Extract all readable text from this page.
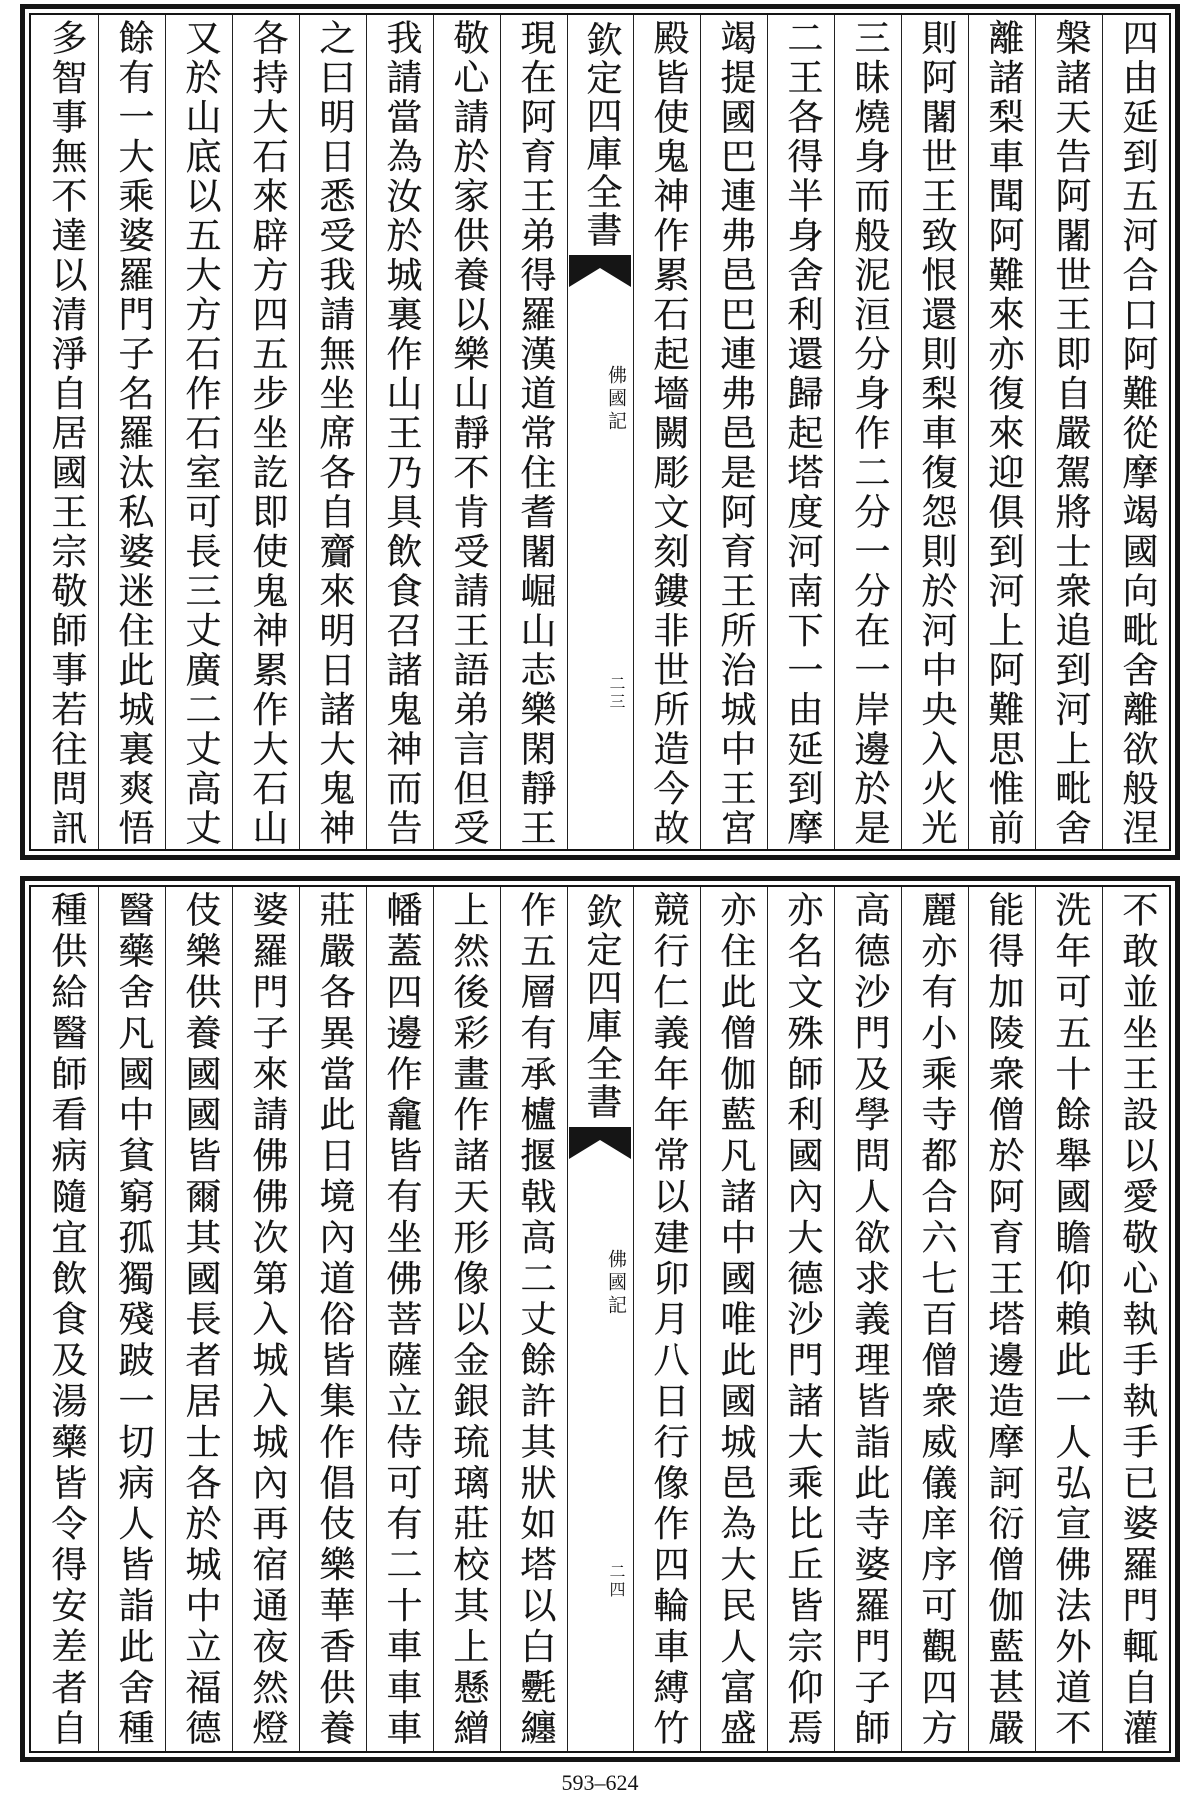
四由延到五河合口阿難從摩竭國向毗舍離欲般涅
槃諸天告阿闍世王即自嚴駕將士衆追到河上毗舍
離諸梨車聞阿難來亦復來迎俱到河上阿難思惟前
則阿闍世王致恨還則梨車復怨則於河中央入火光
三昧燒身而般泥洹分身作二分一分在一岸邊於是
二王各得半身舍利還歸起塔度河南下一由延到摩
竭提國巴連弗邑巴連弗邑是阿育王所治城中王宮
殿皆使鬼神作累石起墻闕彫文刻鏤非世所造今故
欽定四庫全書
佛國記
二三
現在阿育王弟得羅漢道常住耆闍崛山志樂閑靜王
敬心請於家供養以樂山靜不肯受請王語弟言但受
我請當為汝於城裏作山王乃具飲食召諸鬼神而告
之曰明日悉受我請無坐席各自齎來明日諸大鬼神
各持大石來辟方四五步坐訖即使鬼神累作大石山
又於山底以五大方石作石室可長三丈廣二丈高丈
餘有一大乘婆羅門子名羅汰私婆迷住此城裏爽悟
多智事無不達以清淨自居國王宗敬師事若往問訊
不敢並坐王設以愛敬心執手執手已婆羅門輒自灌
洗年可五十餘舉國瞻仰賴此一人弘宣佛法外道不
能得加陵衆僧於阿育王塔邊造摩訶衍僧伽藍甚嚴
麗亦有小乘寺都合六七百僧衆威儀庠序可觀四方
高德沙門及學問人欲求義理皆詣此寺婆羅門子師
亦名文殊師利國內大德沙門諸大乘比丘皆宗仰焉
亦住此僧伽藍凡諸中國唯此國城邑為大民人富盛
競行仁義年年常以建卯月八日行像作四輪車縛竹
欽定四庫全書
佛國記
二四
作五層有承櫨揠戟高二丈餘許其狀如塔以白氎纏
上然後彩畫作諸天形像以金銀琉璃莊校其上懸繒
幡蓋四邊作龕皆有坐佛菩薩立侍可有二十車車車
莊嚴各異當此日境內道俗皆集作倡伎樂華香供養
婆羅門子來請佛佛次第入城入城內再宿通夜然燈
伎樂供養國國皆爾其國長者居士各於城中立福德
醫藥舍凡國中貧窮孤獨殘跛一切病人皆詣此舍種
種供給醫師看病隨宜飲食及湯藥皆令得安差者自
593–624
